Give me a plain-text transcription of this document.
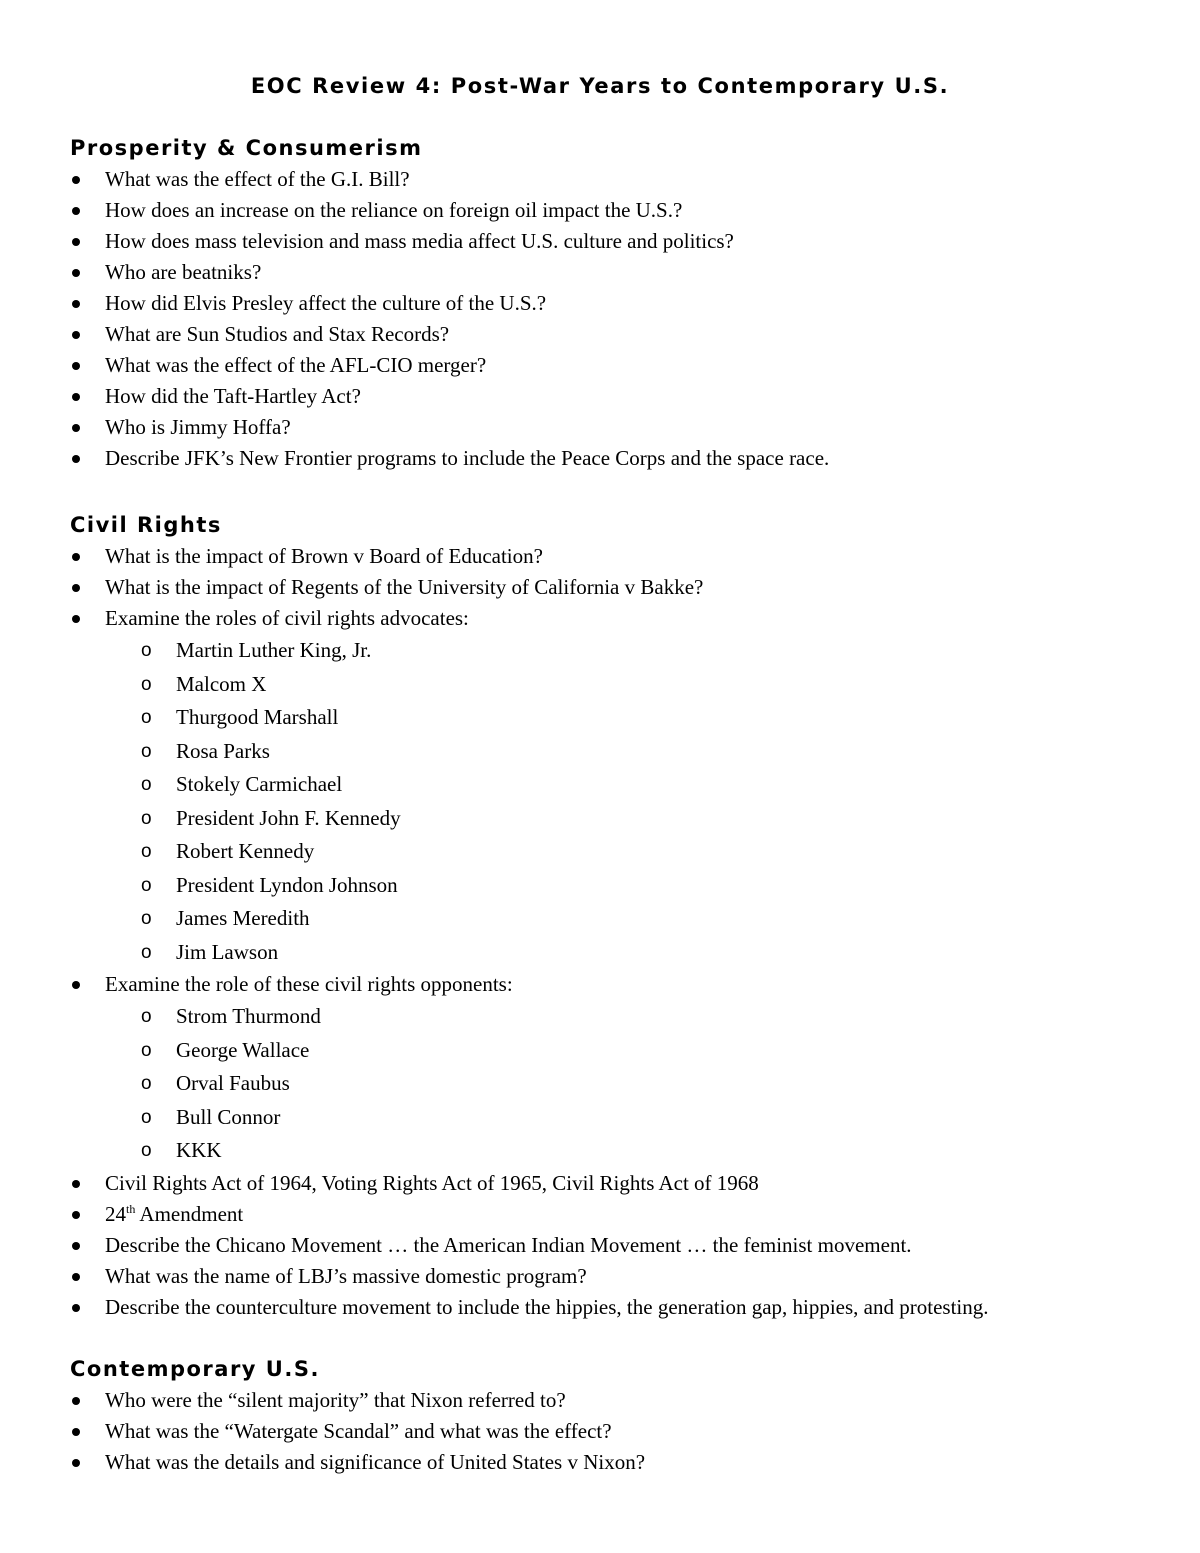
EOC Review 4: Post-War Years to Contemporary U.S.
Prosperity & Consumerism
What was the effect of the G.I. Bill?
How does an increase on the reliance on foreign oil impact the U.S.?
How does mass television and mass media affect U.S. culture and politics?
Who are beatniks?
How did Elvis Presley affect the culture of the U.S.?
What are Sun Studios and Stax Records?
What was the effect of the AFL-CIO merger?
How did the Taft-Hartley Act?
Who is Jimmy Hoffa?
Describe JFK’s New Frontier programs to include the Peace Corps and the space race.
Civil Rights
What is the impact of Brown v Board of Education?
What is the impact of Regents of the University of California v Bakke?
Examine the roles of civil rights advocates:
o Martin Luther King, Jr.
o Malcom X
o Thurgood Marshall
o Rosa Parks
o Stokely Carmichael
o President John F. Kennedy
o Robert Kennedy
o President Lyndon Johnson
o James Meredith
o Jim Lawson
Examine the role of these civil rights opponents:
o Strom Thurmond
o George Wallace
o Orval Faubus
o Bull Connor
o KKK
Civil Rights Act of 1964, Voting Rights Act of 1965, Civil Rights Act of 1968
24th Amendment
Describe the Chicano Movement … the American Indian Movement … the feminist movement.
What was the name of LBJ’s massive domestic program?
Describe the counterculture movement to include the hippies, the generation gap, hippies, and protesting.
Contemporary U.S.
Who were the “silent majority” that Nixon referred to?
What was the “Watergate Scandal” and what was the effect?
What was the details and significance of United States v Nixon?
